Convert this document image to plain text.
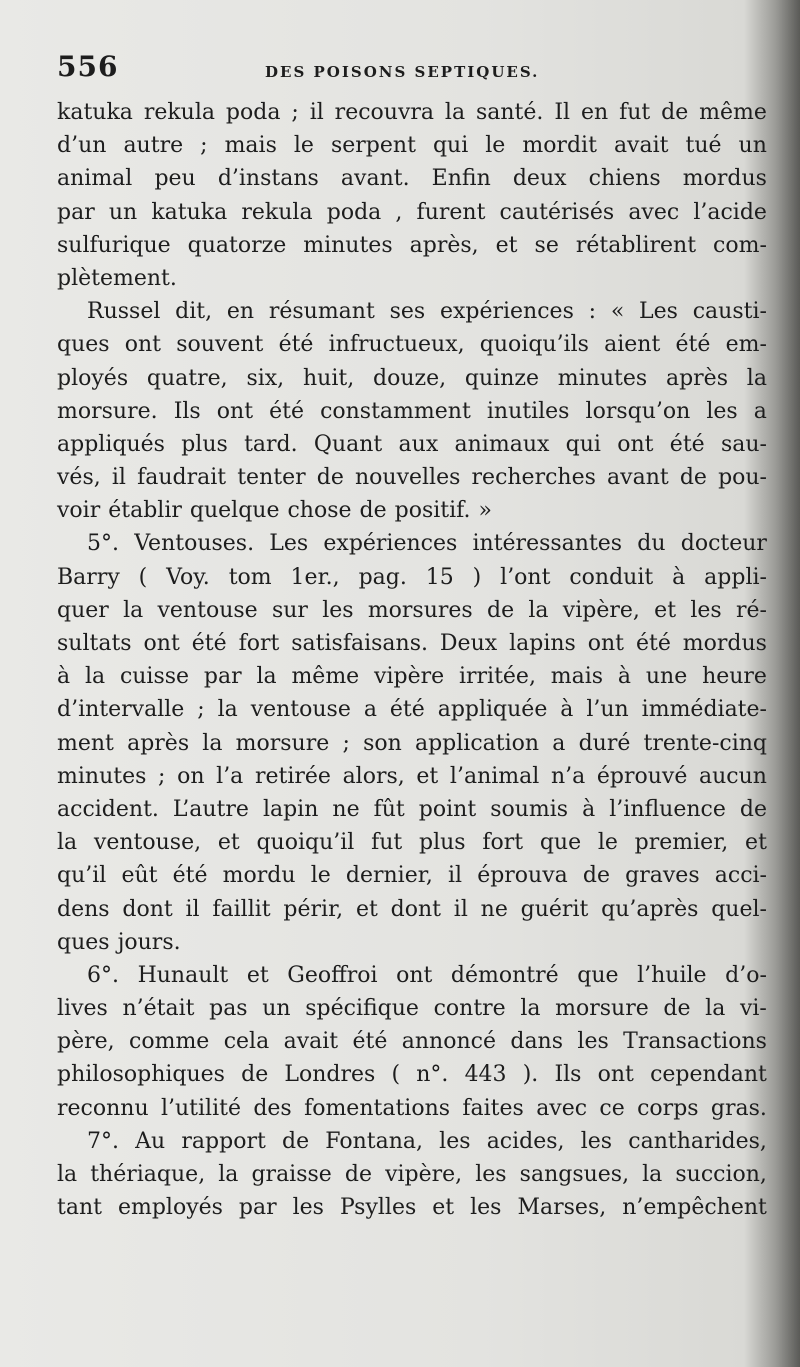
556	DES POISONS SEPTIQUES.
katuka rekula poda ; il recouvra la santé. Il en fut de même
d’un autre ; mais le serpent qui le mordit avait tué un
animal peu d’instans avant. Enfin deux chiens mordus
par un katuka rekula poda , furent cautérisés avec l’acide
sulfurique quatorze minutes après, et se rétablirent com-
plètement.
Russel dit, en résumant ses expériences : « Les causti-
ques ont souvent été infructueux, quoiqu’ils aient été em-
ployés quatre, six, huit, douze, quinze minutes après la
morsure. Ils ont été constamment inutiles lorsqu’on les a
appliqués plus tard. Quant aux animaux qui ont été sau-
vés, il faudrait tenter de nouvelles recherches avant de pou-
voir établir quelque chose de positif. »
5°. Ventouses. Les expériences intéressantes du docteur
Barry ( Voy. tom 1er., pag. 15 ) l’ont conduit à appli-
quer la ventouse sur les morsures de la vipère, et les ré-
sultats ont été fort satisfaisans. Deux lapins ont été mordus
à la cuisse par la même vipère irritée, mais à une heure
d’intervalle ; la ventouse a été appliquée à l’un immédiate-
ment après la morsure ; son application a duré trente-cinq
minutes ; on l’a retirée alors, et l’animal n’a éprouvé aucun
accident. L’autre lapin ne fût point soumis à l’influence de
la ventouse, et quoiqu’il fut plus fort que le premier, et
qu’il eût été mordu le dernier, il éprouva de graves acci-
dens dont il faillit périr, et dont il ne guérit qu’après quel-
ques jours.
6°. Hunault et Geoffroi ont démontré que l’huile d’o-
lives n’était pas un spécifique contre la morsure de la vi-
père, comme cela avait été annoncé dans les Transactions
philosophiques de Londres ( n°. 443 ). Ils ont cependant
reconnu l’utilité des fomentations faites avec ce corps gras.
7°. Au rapport de Fontana, les acides, les cantharides,
la thériaque, la graisse de vipère, les sangsues, la succion,
tant employés par les Psylles et les Marses, n’empêchent
